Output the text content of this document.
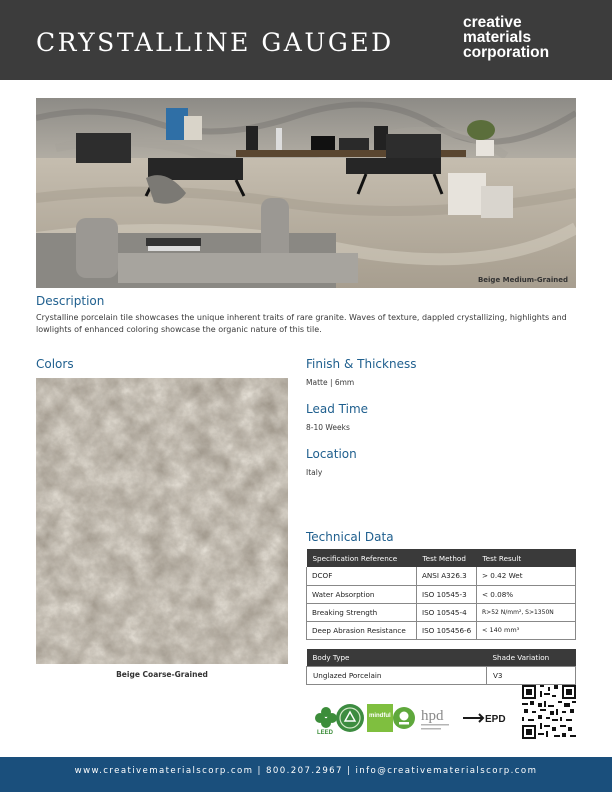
CRYSTALLINE GAUGED
creative
materials
corporation
Beige Medium-Grained
Description

Crystalline porcelain tile showcases the unique inherent traits of rare granite. Waves of texture, dappled crystallizing, highlights and lowlights of enhanced coloring showcase the organic nature of this tile.

Colors
Beige Coarse-Grained
Finish & Thickness
Matte | 6mm
Lead Time
8-10 Weeks
Location
Italy
Technical Data
Specification Reference	Test Method	Test Result
DCOF	ANSI A326.3	> 0.42 Wet
Water Absorption	ISO 10545-3	< 0.08%
Breaking Strength	ISO 10545-4	R>52 N/mm², S>1350N
Deep Abrasion Resistance	ISO 105456-6	< 140 mm³
Body Type	Shade Variation
Unglazed Porcelain	V3
LEED
mindful hpd	EPD
www.creativematerialscorp.com | 800.207.2967 | info@creativematerialscorp.com
